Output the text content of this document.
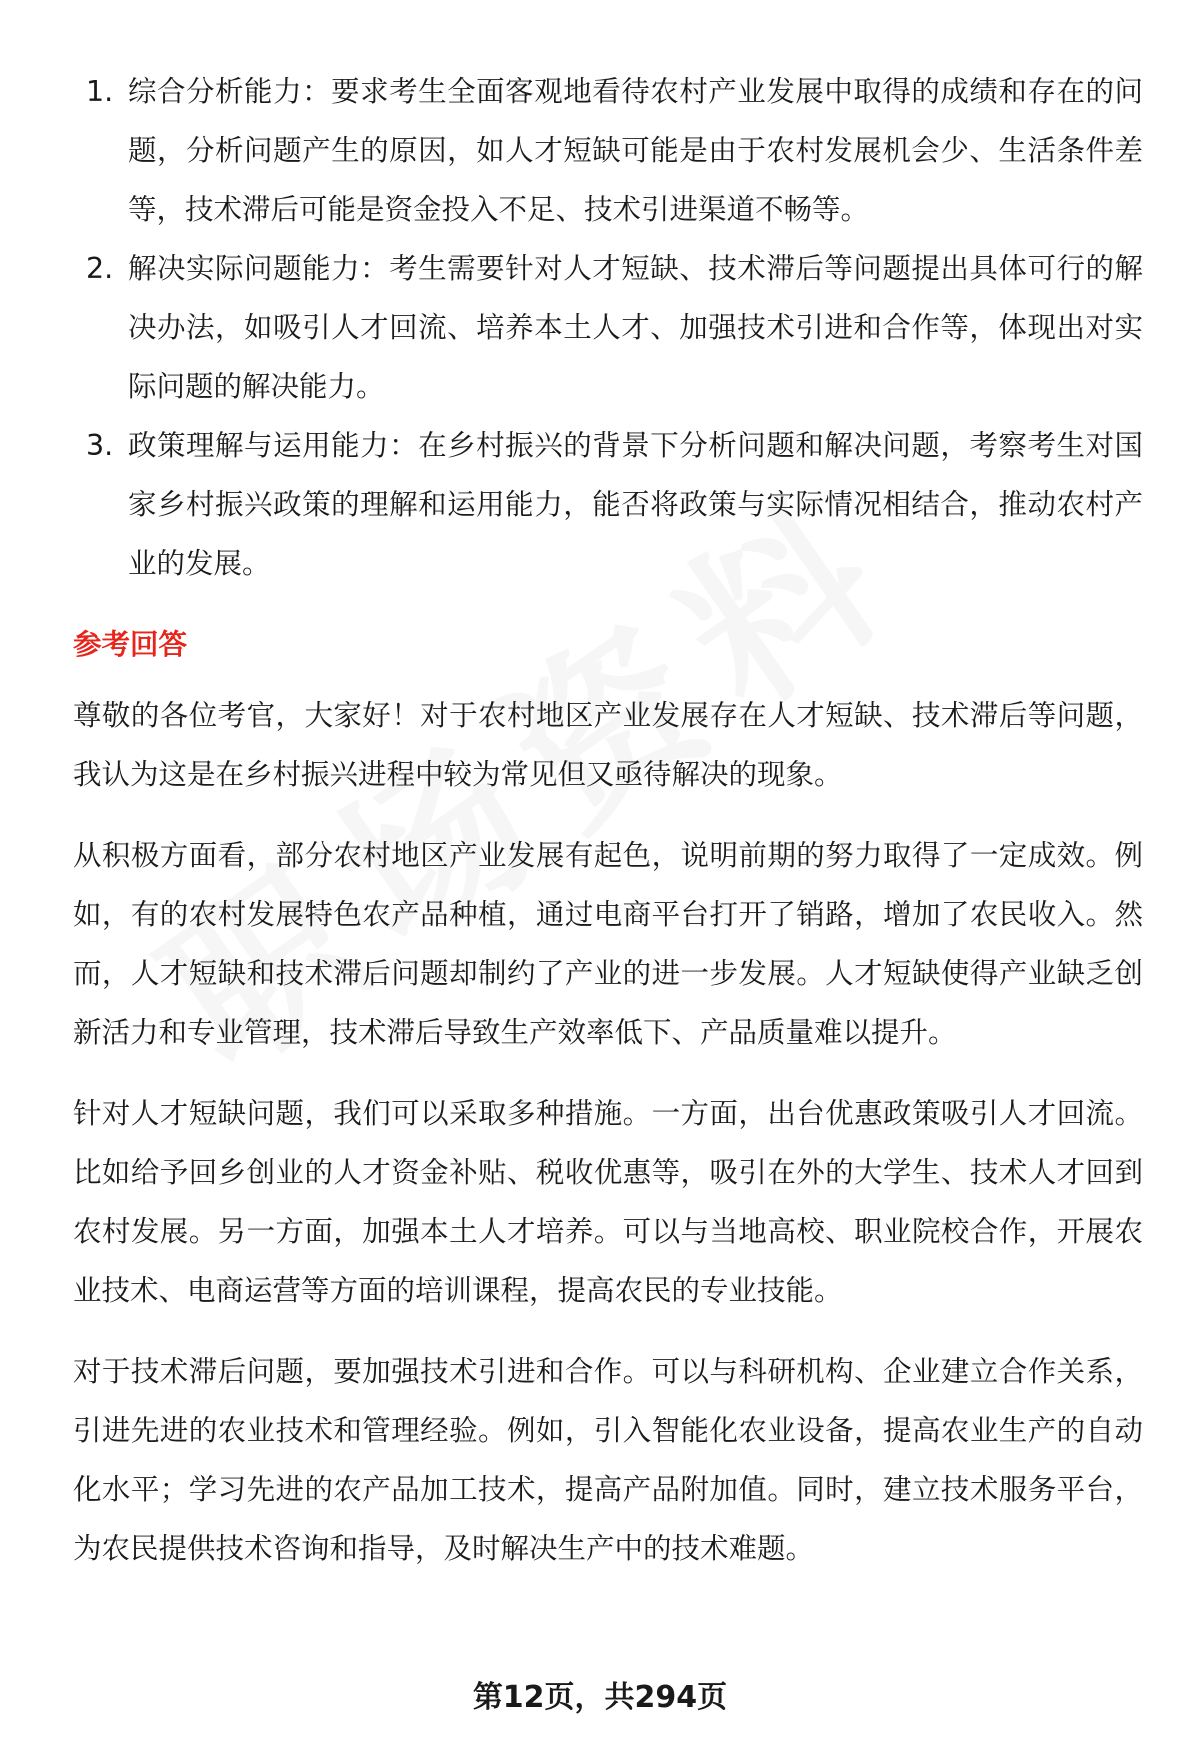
1. 综合分析能力：要求考生全面客观地看待农村产业发展中取得的成绩和存在的问题，分析问题产生的原因，如人才短缺可能是由于农村发展机会少、生活条件差等，技术滞后可能是资金投入不足、技术引进渠道不畅等。
2. 解决实际问题能力：考生需要针对人才短缺、技术滞后等问题提出具体可行的解决办法，如吸引人才回流、培养本土人才、加强技术引进和合作等，体现出对实际问题的解决能力。
3. 政策理解与运用能力：在乡村振兴的背景下分析问题和解决问题，考察考生对国家乡村振兴政策的理解和运用能力，能否将政策与实际情况相结合，推动农村产业的发展。
参考回答

尊敬的各位考官，大家好！对于农村地区产业发展存在人才短缺、技术滞后等问题，我认为这是在乡村振兴进程中较为常见但又亟待解决的现象。

从积极方面看，部分农村地区产业发展有起色，说明前期的努力取得了一定成效。例如，有的农村发展特色农产品种植，通过电商平台打开了销路，增加了农民收入。然而，人才短缺和技术滞后问题却制约了产业的进一步发展。人才短缺使得产业缺乏创新活力和专业管理，技术滞后导致生产效率低下、产品质量难以提升。

针对人才短缺问题，我们可以采取多种措施。一方面，出台优惠政策吸引人才回流。比如给予回乡创业的人才资金补贴、税收优惠等，吸引在外的大学生、技术人才回到农村发展。另一方面，加强本土人才培养。可以与当地高校、职业院校合作，开展农业技术、电商运营等方面的培训课程，提高农民的专业技能。

对于技术滞后问题，要加强技术引进和合作。可以与科研机构、企业建立合作关系，引进先进的农业技术和管理经验。例如，引入智能化农业设备，提高农业生产的自动化水平；学习先进的农产品加工技术，提高产品附加值。同时，建立技术服务平台，为农民提供技术咨询和指导，及时解决生产中的技术难题。

第12页，共294页
